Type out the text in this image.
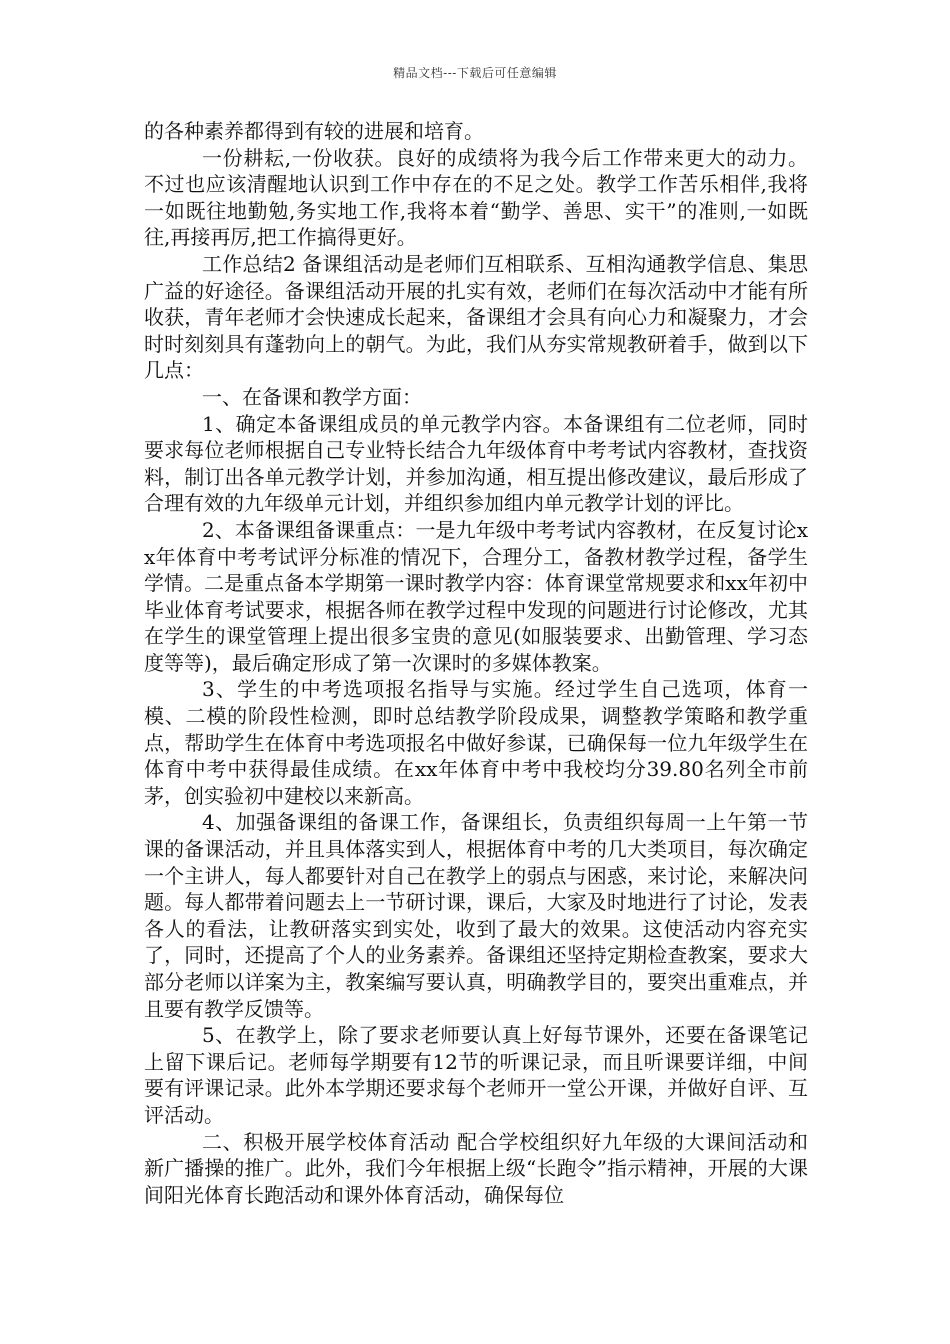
精品文档---下载后可任意编辑

的各种素养都得到有较的进展和培育。

一份耕耘,一份收获。良好的成绩将为我今后工作带来更大的动力。不过也应该清醒地认识到工作中存在的不足之处。教学工作苦乐相伴,我将一如既往地勤勉,务实地工作,我将本着“勤学、善思、实干”的准则,一如既往,再接再厉,把工作搞得更好。

工作总结2 备课组活动是老师们互相联系、互相沟通教学信息、集思广益的好途径。备课组活动开展的扎实有效，老师们在每次活动中才能有所收获，青年老师才会快速成长起来，备课组才会具有向心力和凝聚力，才会时时刻刻具有蓬勃向上的朝气。为此，我们从夯实常规教研着手，做到以下几点：

一、在备课和教学方面：

1、确定本备课组成员的单元教学内容。本备课组有二位老师，同时要求每位老师根据自己专业特长结合九年级体育中考考试内容教材，查找资料，制订出各单元教学计划，并参加沟通，相互提出修改建议，最后形成了合理有效的九年级单元计划，并组织参加组内单元教学计划的评比。

2、本备课组备课重点：一是九年级中考考试内容教材，在反复讨论xx年体育中考考试评分标准的情况下，合理分工，备教材教学过程，备学生学情。二是重点备本学期第一课时教学内容：体育课堂常规要求和xx年初中毕业体育考试要求，根据各师在教学过程中发现的问题进行讨论修改，尤其在学生的课堂管理上提出很多宝贵的意见(如服装要求、出勤管理、学习态度等等)，最后确定形成了第一次课时的多媒体教案。

3、学生的中考选项报名指导与实施。经过学生自己选项，体育一模、二模的阶段性检测，即时总结教学阶段成果，调整教学策略和教学重点，帮助学生在体育中考选项报名中做好参谋，已确保每一位九年级学生在体育中考中获得最佳成绩。在xx年体育中考中我校均分39.80名列全市前茅，创实验初中建校以来新高。

4、加强备课组的备课工作，备课组长，负责组织每周一上午第一节课的备课活动，并且具体落实到人，根据体育中考的几大类项目，每次确定一个主讲人，每人都要针对自己在教学上的弱点与困惑，来讨论，来解决问题。每人都带着问题去上一节研讨课，课后，大家及时地进行了讨论，发表各人的看法，让教研落实到实处，收到了最大的效果。这使活动内容充实了，同时，还提高了个人的业务素养。备课组还坚持定期检查教案，要求大部分老师以详案为主，教案编写要认真，明确教学目的，要突出重难点，并且要有教学反馈等。

5、在教学上，除了要求老师要认真上好每节课外，还要在备课笔记上留下课后记。老师每学期要有12节的听课记录，而且听课要详细，中间要有评课记录。此外本学期还要求每个老师开一堂公开课，并做好自评、互评活动。

二、积极开展学校体育活动 配合学校组织好九年级的大课间活动和新广播操的推广。此外，我们今年根据上级“长跑令”指示精神，开展的大课间阳光体育长跑活动和课外体育活动，确保每位
